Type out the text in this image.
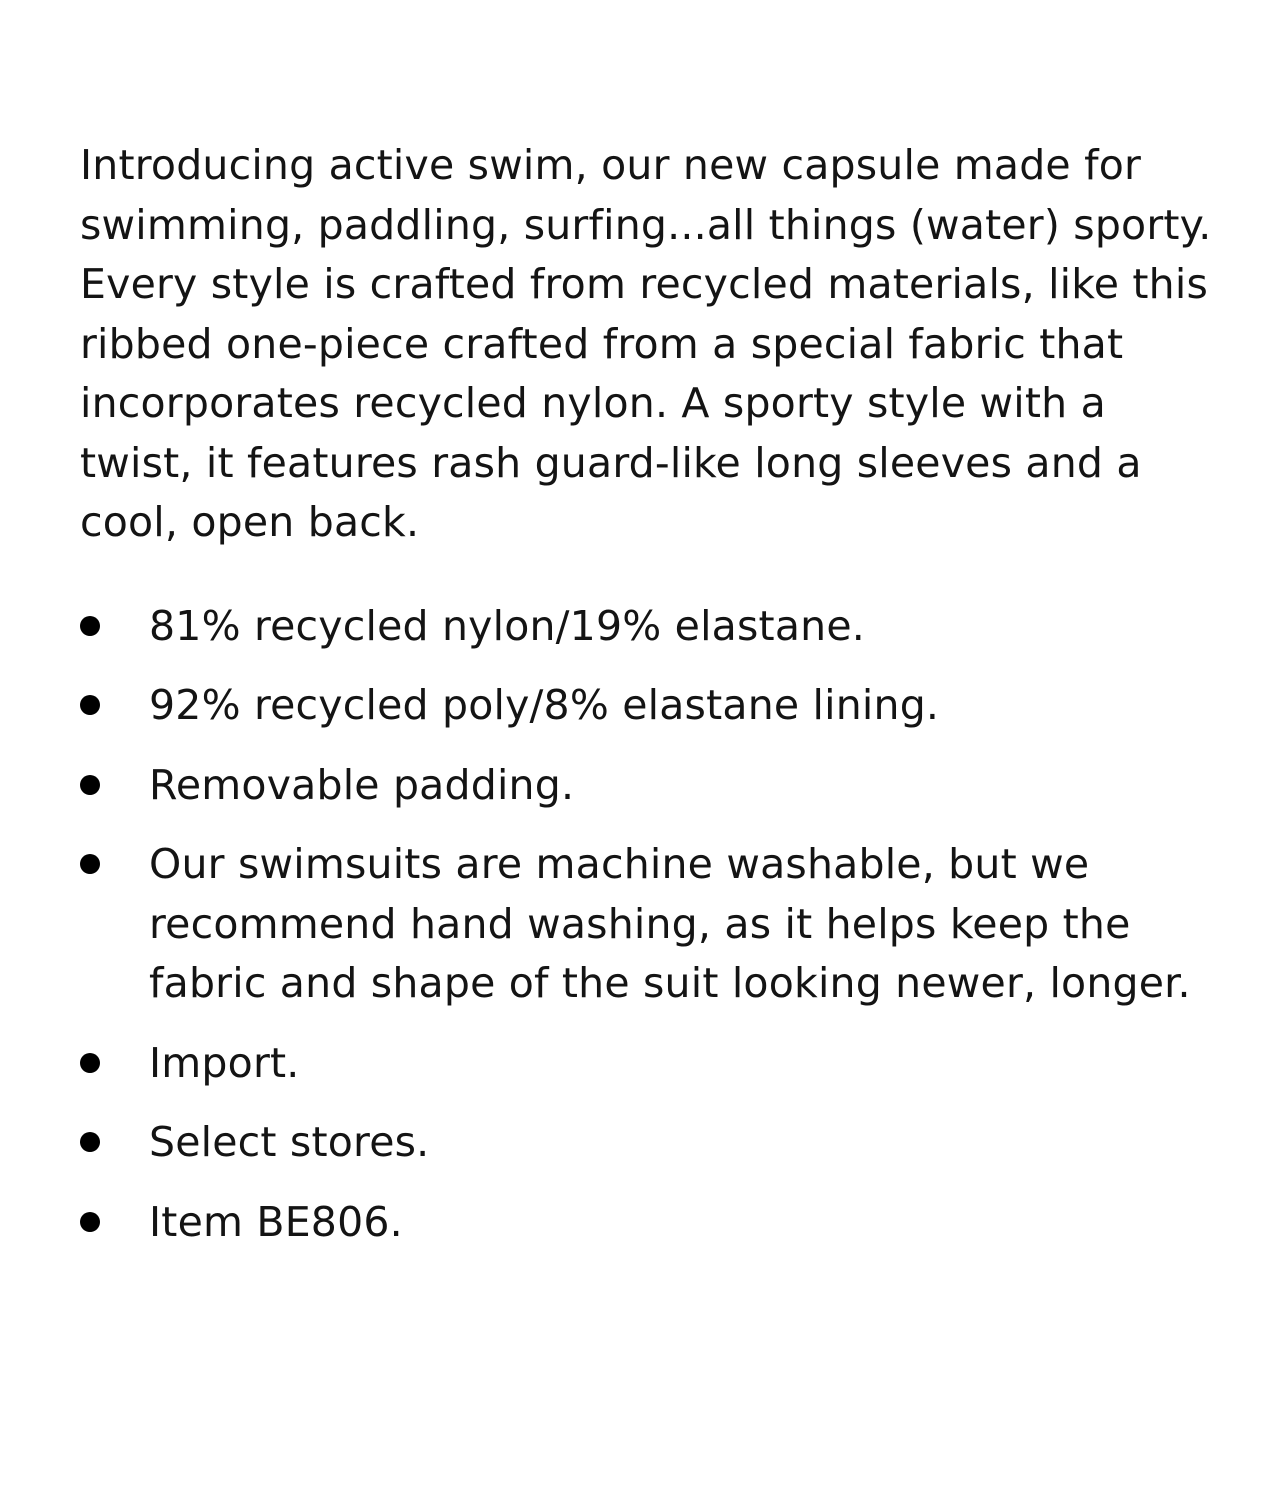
Introducing active swim, our new capsule made for swimming, paddling, surfing...all things (water) sporty. Every style is crafted from recycled materials, like this ribbed one-piece crafted from a special fabric that incorporates recycled nylon. A sporty style with a twist, it features rash guard-like long sleeves and a cool, open back.

81% recycled nylon/19% elastane.
92% recycled poly/8% elastane lining.
Removable padding.
Our swimsuits are machine washable, but we recommend hand washing, as it helps keep the fabric and shape of the suit looking newer, longer.
Import.
Select stores.
Item BE806.
